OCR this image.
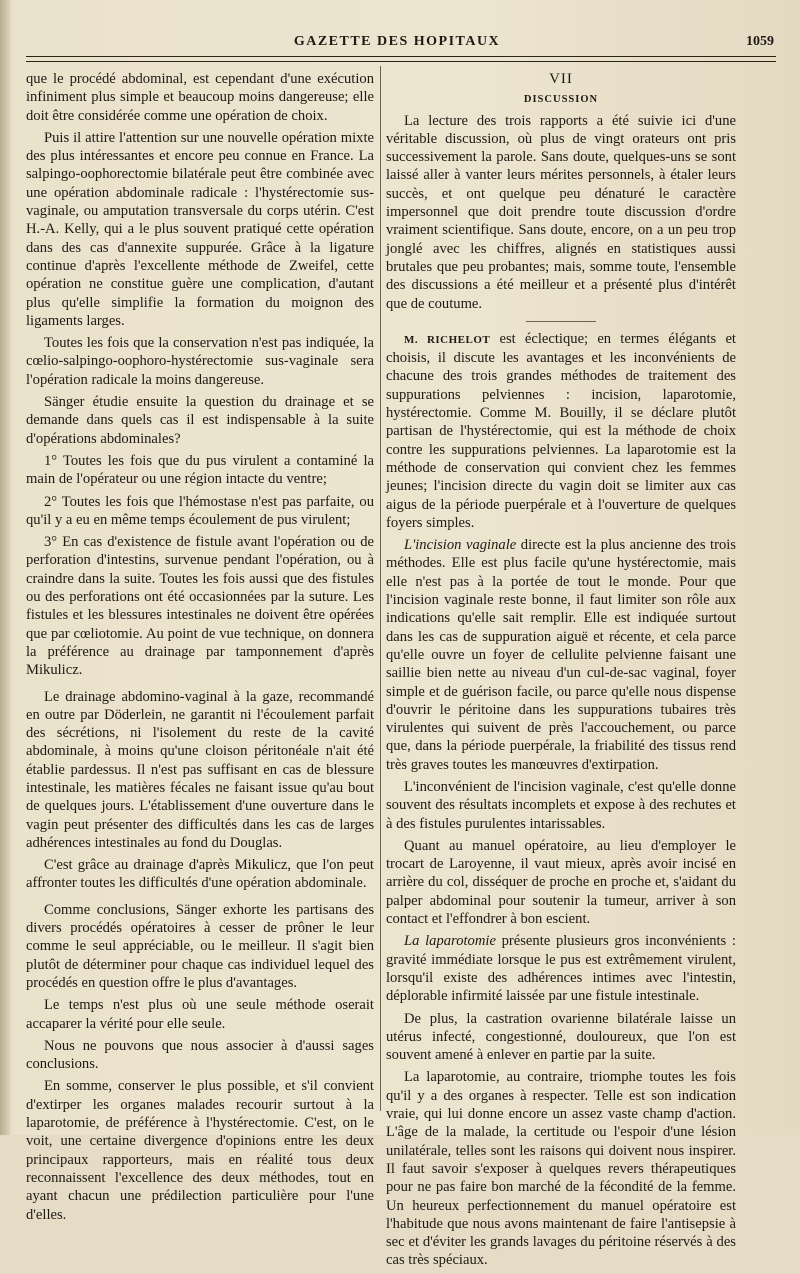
GAZETTE DES HOPITAUX	1059

que le procédé abdominal, est cependant d'une exécution infiniment plus simple et beaucoup moins dangereuse; elle doit être considérée comme une opération de choix.

Puis il attire l'attention sur une nouvelle opération mixte des plus intéressantes et encore peu connue en France. La salpingo-oophorectomie bilatérale peut être combinée avec une opération abdominale radicale : l'hystérectomie sus-vaginale, ou amputation transversale du corps utérin. C'est H.-A. Kelly, qui a le plus souvent pratiqué cette opération dans des cas d'annexite suppurée. Grâce à la ligature continue d'après l'excellente méthode de Zweifel, cette opération ne constitue guère une complication, d'autant plus qu'elle simplifie la formation du moignon des ligaments larges.

Toutes les fois que la conservation n'est pas indiquée, la cœlio-salpingo-oophoro-hystérectomie sus-vaginale sera l'opération radicale la moins dangereuse.

Sänger étudie ensuite la question du drainage et se demande dans quels cas il est indispensable à la suite d'opérations abdominales?

1° Toutes les fois que du pus virulent a contaminé la main de l'opérateur ou une région intacte du ventre;

2° Toutes les fois que l'hémostase n'est pas parfaite, ou qu'il y a eu en même temps écoulement de pus virulent;

3° En cas d'existence de fistule avant l'opération ou de perforation d'intestins, survenue pendant l'opération, ou à craindre dans la suite. Toutes les fois aussi que des fistules ou des perforations ont été occasionnées par la suture. Les fistules et les blessures intestinales ne doivent être opérées que par cœliotomie. Au point de vue technique, on donnera la préférence au drainage par tamponnement d'après Mikulicz.

Le drainage abdomino-vaginal à la gaze, recommandé en outre par Döderlein, ne garantit ni l'écoulement parfait des sécrétions, ni l'isolement du reste de la cavité abdominale, à moins qu'une cloison péritonéale n'ait été établie pardessus. Il n'est pas suffisant en cas de blessure intestinale, les matières fécales ne faisant issue qu'au bout de quelques jours. L'établissement d'une ouverture dans le vagin peut présenter des difficultés dans les cas de larges adhérences intestinales au fond du Douglas.

C'est grâce au drainage d'après Mikulicz, que l'on peut affronter toutes les difficultés d'une opération abdominale.

Comme conclusions, Sänger exhorte les partisans des divers procédés opératoires à cesser de prôner le leur comme le seul appréciable, ou le meilleur. Il s'agit bien plutôt de déterminer pour chaque cas individuel lequel des procédés en question offre le plus d'avantages.

Le temps n'est plus où une seule méthode oserait accaparer la vérité pour elle seule.

Nous ne pouvons que nous associer à d'aussi sages conclusions.

En somme, conserver le plus possible, et s'il convient d'extirper les organes malades recourir surtout à la laparotomie, de préférence à l'hystérectomie. C'est, on le voit, une certaine divergence d'opinions entre les deux principaux rapporteurs, mais en réalité tous deux reconnaissent l'excellence des deux méthodes, tout en ayant chacun une prédilection particulière pour l'une d'elles.

VII
DISCUSSION

La lecture des trois rapports a été suivie ici d'une véritable discussion, où plus de vingt orateurs ont pris successivement la parole. Sans doute, quelques-uns se sont laissé aller à vanter leurs mérites personnels, à étaler leurs succès, et ont quelque peu dénaturé le caractère impersonnel que doit prendre toute discussion d'ordre vraiment scientifique. Sans doute, encore, on a un peu trop jonglé avec les chiffres, alignés en statistiques aussi brutales que peu probantes; mais, somme toute, l'ensemble des discussions a été meilleur et a présenté plus d'intérêt que de coutume.

M. RICHELOT est éclectique; en termes élégants et choisis, il discute les avantages et les inconvénients de chacune des trois grandes méthodes de traitement des suppurations pelviennes : incision, laparotomie, hystérectomie. Comme M. Bouilly, il se déclare plutôt partisan de l'hystérectomie, qui est la méthode de choix contre les suppurations pelviennes. La laparotomie est la méthode de conservation qui convient chez les femmes jeunes; l'incision directe du vagin doit se limiter aux cas aigus de la période puerpérale et à l'ouverture de quelques foyers simples.

L'incision vaginale directe est la plus ancienne des trois méthodes. Elle est plus facile qu'une hystérectomie, mais elle n'est pas à la portée de tout le monde. Pour que l'incision vaginale reste bonne, il faut limiter son rôle aux indications qu'elle sait remplir. Elle est indiquée surtout dans les cas de suppuration aiguë et récente, et cela parce qu'elle ouvre un foyer de cellulite pelvienne faisant une saillie bien nette au niveau d'un cul-de-sac vaginal, foyer simple et de guérison facile, ou parce qu'elle nous dispense d'ouvrir le péritoine dans les suppurations tubaires très virulentes qui suivent de près l'accouchement, ou parce que, dans la période puerpérale, la friabilité des tissus rend très graves toutes les manœuvres d'extirpation.

L'inconvénient de l'incision vaginale, c'est qu'elle donne souvent des résultats incomplets et expose à des rechutes et à des fistules purulentes intarissables.

Quant au manuel opératoire, au lieu d'employer le trocart de Laroyenne, il vaut mieux, après avoir incisé en arrière du col, disséquer de proche en proche et, s'aidant du palper abdominal pour soutenir la tumeur, arriver à son contact et l'effondrer à bon escient.

La laparotomie présente plusieurs gros inconvénients : gravité immédiate lorsque le pus est extrêmement virulent, lorsqu'il existe des adhérences intimes avec l'intestin, déplorable infirmité laissée par une fistule intestinale.

De plus, la castration ovarienne bilatérale laisse un utérus infecté, congestionné, douloureux, que l'on est souvent amené à enlever en partie par la suite.

La laparotomie, au contraire, triomphe toutes les fois qu'il y a des organes à respecter. Telle est son indication vraie, qui lui donne encore un assez vaste champ d'action. L'âge de la malade, la certitude ou l'espoir d'une lésion unilatérale, telles sont les raisons qui doivent nous inspirer. Il faut savoir s'exposer à quelques revers thérapeutiques pour ne pas faire bon marché de la fécondité de la femme. Un heureux perfectionnement du manuel opératoire est l'habitude que nous avons maintenant de faire l'antisepsie à sec et d'éviter les grands lavages du péritoine réservés à des cas très spéciaux.
